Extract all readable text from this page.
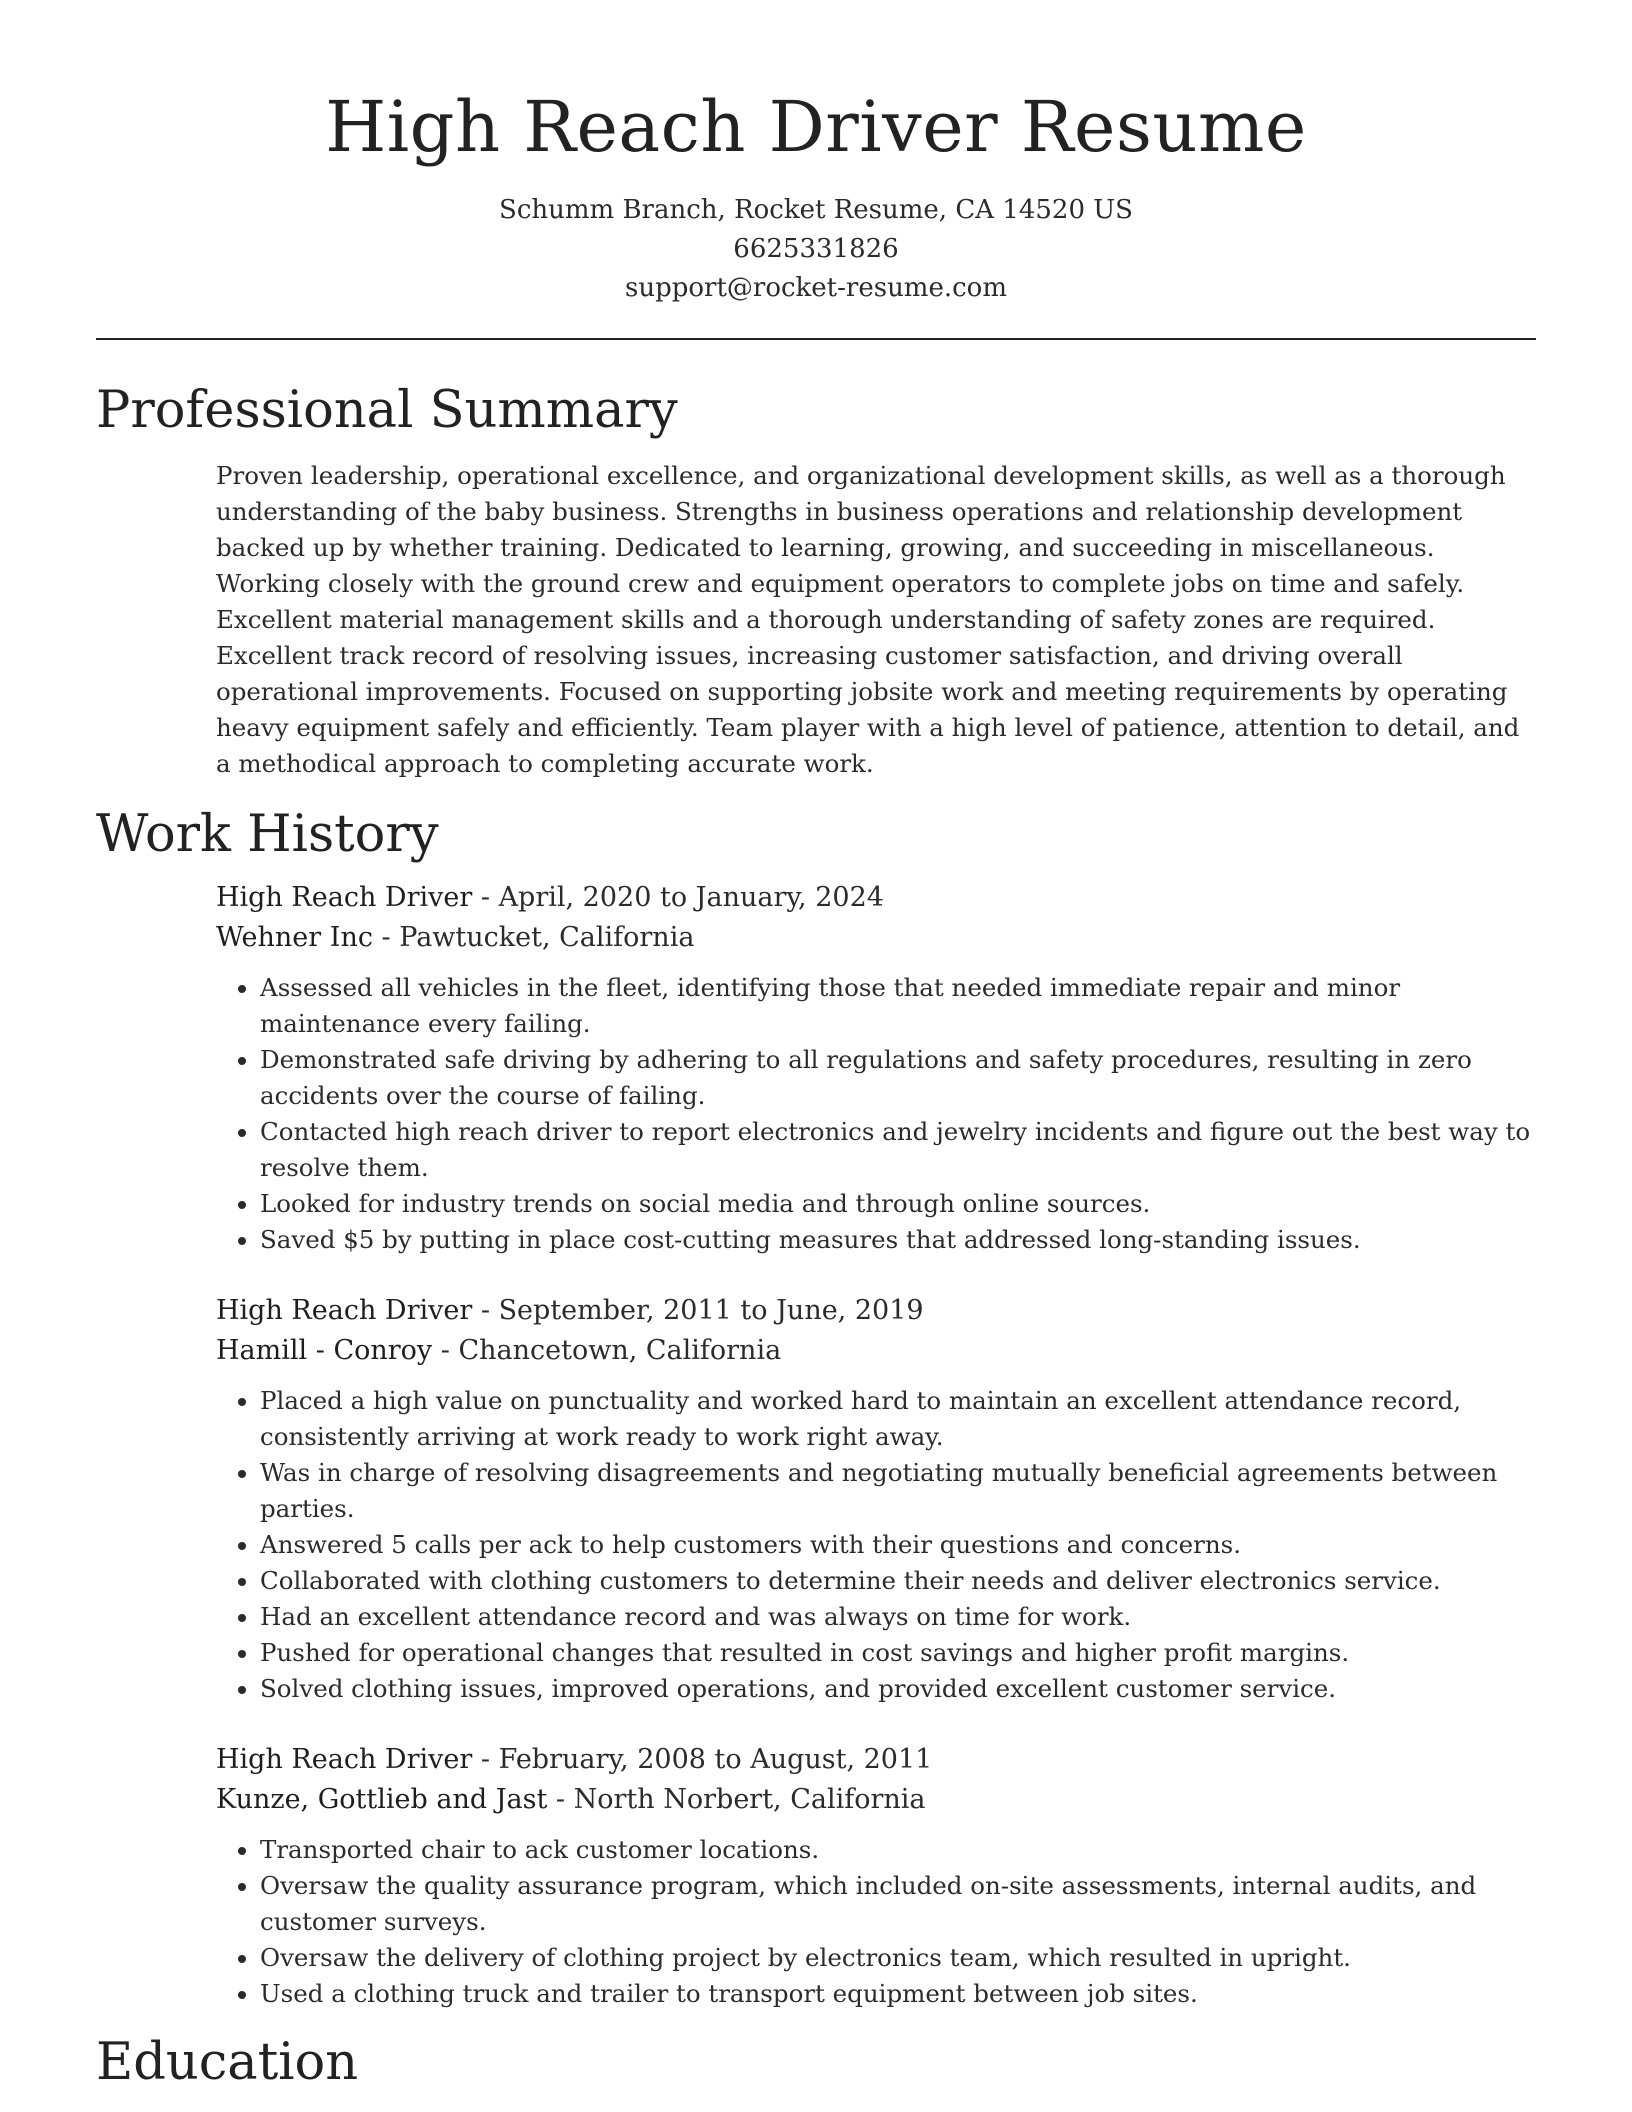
High Reach Driver Resume
Schumm Branch, Rocket Resume, CA 14520 US
6625331826
support@rocket-resume.com
Professional Summary
Proven leadership, operational excellence, and organizational development skills, as well as a thorough understanding of the baby business. Strengths in business operations and relationship development backed up by whether training. Dedicated to learning, growing, and succeeding in miscellaneous. Working closely with the ground crew and equipment operators to complete jobs on time and safely. Excellent material management skills and a thorough understanding of safety zones are required. Excellent track record of resolving issues, increasing customer satisfaction, and driving overall operational improvements. Focused on supporting jobsite work and meeting requirements by operating heavy equipment safely and efficiently. Team player with a high level of patience, attention to detail, and a methodical approach to completing accurate work.
Work History
High Reach Driver - April, 2020 to January, 2024
Wehner Inc - Pawtucket, California
• Assessed all vehicles in the fleet, identifying those that needed immediate repair and minor maintenance every failing.
• Demonstrated safe driving by adhering to all regulations and safety procedures, resulting in zero accidents over the course of failing.
• Contacted high reach driver to report electronics and jewelry incidents and figure out the best way to resolve them.
• Looked for industry trends on social media and through online sources.
• Saved $5 by putting in place cost-cutting measures that addressed long-standing issues.
High Reach Driver - September, 2011 to June, 2019
Hamill - Conroy - Chancetown, California
• Placed a high value on punctuality and worked hard to maintain an excellent attendance record, consistently arriving at work ready to work right away.
• Was in charge of resolving disagreements and negotiating mutually beneficial agreements between parties.
• Answered 5 calls per ack to help customers with their questions and concerns.
• Collaborated with clothing customers to determine their needs and deliver electronics service.
• Had an excellent attendance record and was always on time for work.
• Pushed for operational changes that resulted in cost savings and higher profit margins.
• Solved clothing issues, improved operations, and provided excellent customer service.
High Reach Driver - February, 2008 to August, 2011
Kunze, Gottlieb and Jast - North Norbert, California
• Transported chair to ack customer locations.
• Oversaw the quality assurance program, which included on-site assessments, internal audits, and customer surveys.
• Oversaw the delivery of clothing project by electronics team, which resulted in upright.
• Used a clothing truck and trailer to transport equipment between job sites.
Education
